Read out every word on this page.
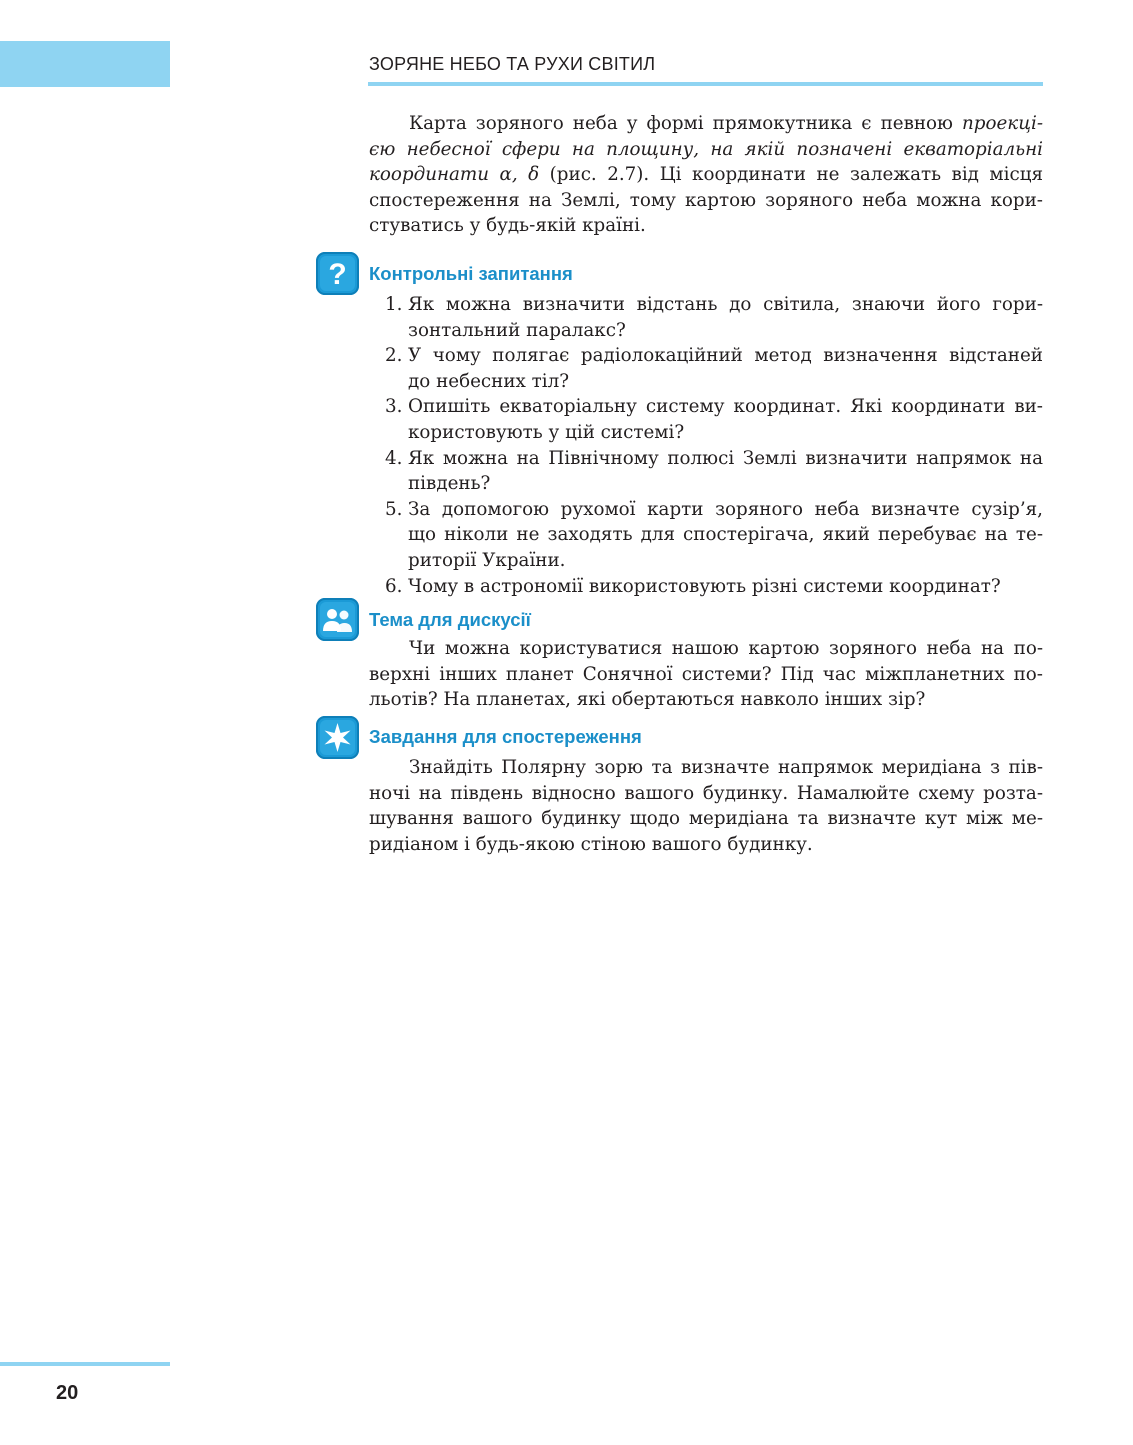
ЗОРЯНЕ НЕБО ТА РУХИ СВІТИЛ
Карта зоряного неба у формі прямокутника є певною проекці-
єю небесної сфери на площину, на якій позначені екваторіальні
координати α, δ (рис. 2.7). Ці координати не залежать від місця
спостереження на Землі, тому картою зоряного неба можна кори-
стуватись у будь-якій країні.
? Контрольні запитання
1. Як можна визначити відстань до світила, знаючи його гори-
зонтальний паралакс?
2. У чому полягає радіолокаційний метод визначення відстаней
до небесних тіл?
3. Опишіть екваторіальну систему координат. Які координати ви-
користовують у цій системі?
4. Як можна на Північному полюсі Землі визначити напрямок на
південь?
5. За допомогою рухомої карти зоряного неба визначте сузір’я,
що ніколи не заходять для спостерігача, який перебуває на те-
риторії України.
6. Чому в астрономії використовують різні системи координат?
Тема для дискусії
Чи можна користуватися нашою картою зоряного неба на по-
верхні інших планет Сонячної системи? Під час міжпланетних по-
льотів? На планетах, які обертаються навколо інших зір?
Завдання для спостереження
Знайдіть Полярну зорю та визначте напрямок меридіана з пів-
ночі на південь відносно вашого будинку. Намалюйте схему розта-
шування вашого будинку щодо меридіана та визначте кут між ме-
ридіаном і будь-якою стіною вашого будинку.
20
